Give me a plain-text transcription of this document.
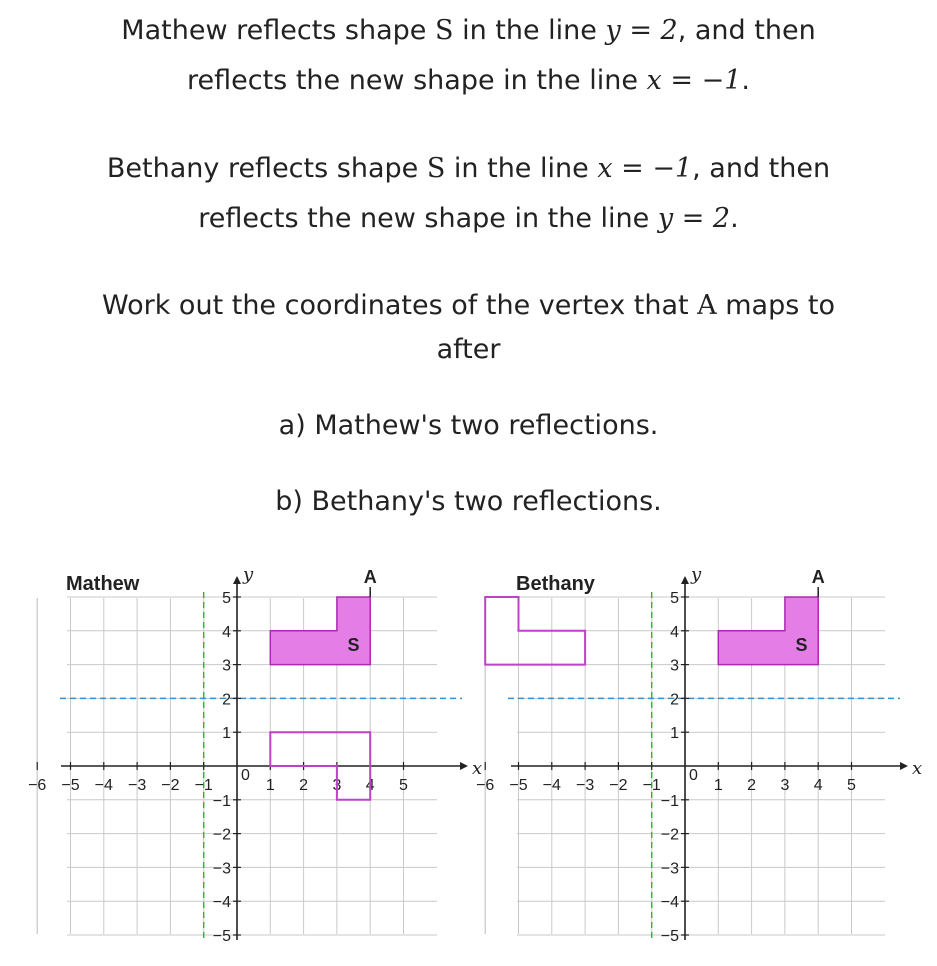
Mathew reflects shape S in the line y = 2, and then
reflects the new shape in the line x = −1.
Bethany reflects shape S in the line x = −1, and then
reflects the new shape in the line y = 2.
Work out the coordinates of the vertex that A maps to
after
a) Mathew's two reflections.
b) Bethany's two reflections.
−6 −5 −4 −3 −2 −1	1 2 3 4 5
5
4
3
2
1
−1
−2
−3
−4
−5
0	x
y
Mathew
S
A
−6 −5 −4 −3 −2 −1	1 2 3 4 5
5
4
3
2
1
−1
−2
−3
−4
−5
0	x
y
Bethany
S
A
